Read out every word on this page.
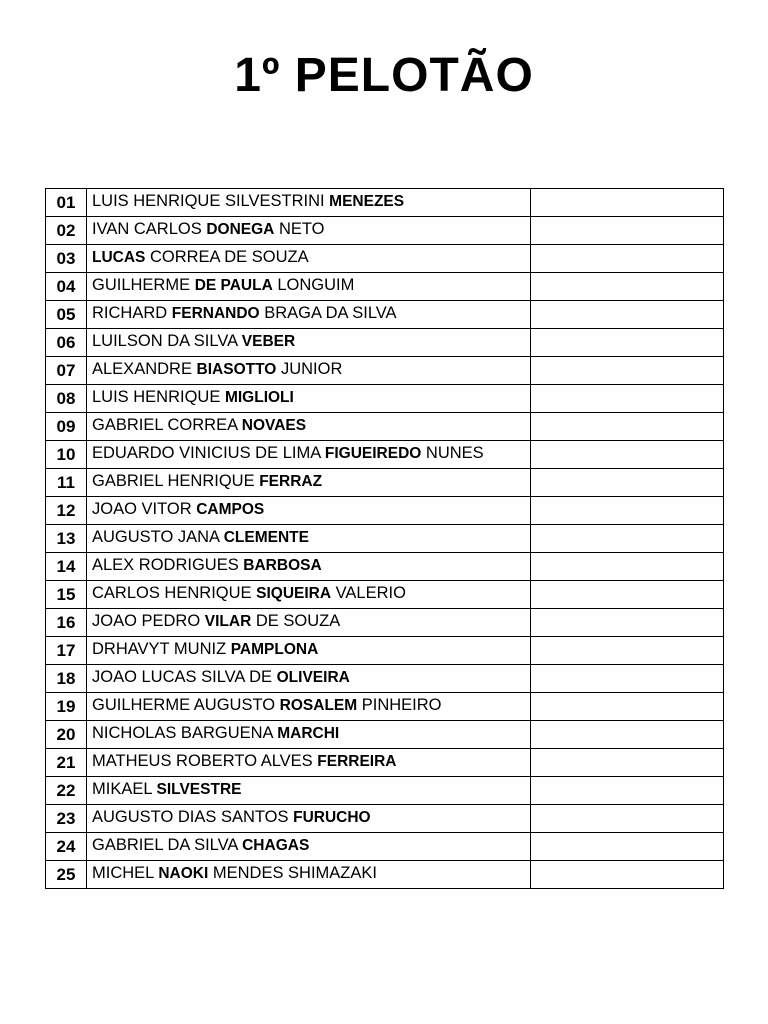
1º PELOTÃO
01	LUIS HENRIQUE SILVESTRINI MENEZES	
02	IVAN CARLOS DONEGA NETO	
03	LUCAS CORREA DE SOUZA	
04	GUILHERME DE PAULA LONGUIM	
05	RICHARD FERNANDO BRAGA DA SILVA	
06	LUILSON DA SILVA VEBER	
07	ALEXANDRE BIASOTTO JUNIOR	
08	LUIS HENRIQUE MIGLIOLI	
09	GABRIEL CORREA NOVAES	
10	EDUARDO VINICIUS DE LIMA FIGUEIREDO NUNES	
11	GABRIEL HENRIQUE FERRAZ	
12	JOAO VITOR CAMPOS	
13	AUGUSTO JANA CLEMENTE	
14	ALEX RODRIGUES BARBOSA	
15	CARLOS HENRIQUE SIQUEIRA VALERIO	
16	JOAO PEDRO VILAR DE SOUZA	
17	DRHAVYT MUNIZ PAMPLONA	
18	JOAO LUCAS SILVA DE OLIVEIRA	
19	GUILHERME AUGUSTO ROSALEM PINHEIRO	
20	NICHOLAS BARGUENA MARCHI	
21	MATHEUS ROBERTO ALVES FERREIRA	
22	MIKAEL SILVESTRE	
23	AUGUSTO DIAS SANTOS FURUCHO	
24	GABRIEL DA SILVA CHAGAS	
25	MICHEL NAOKI MENDES SHIMAZAKI	
